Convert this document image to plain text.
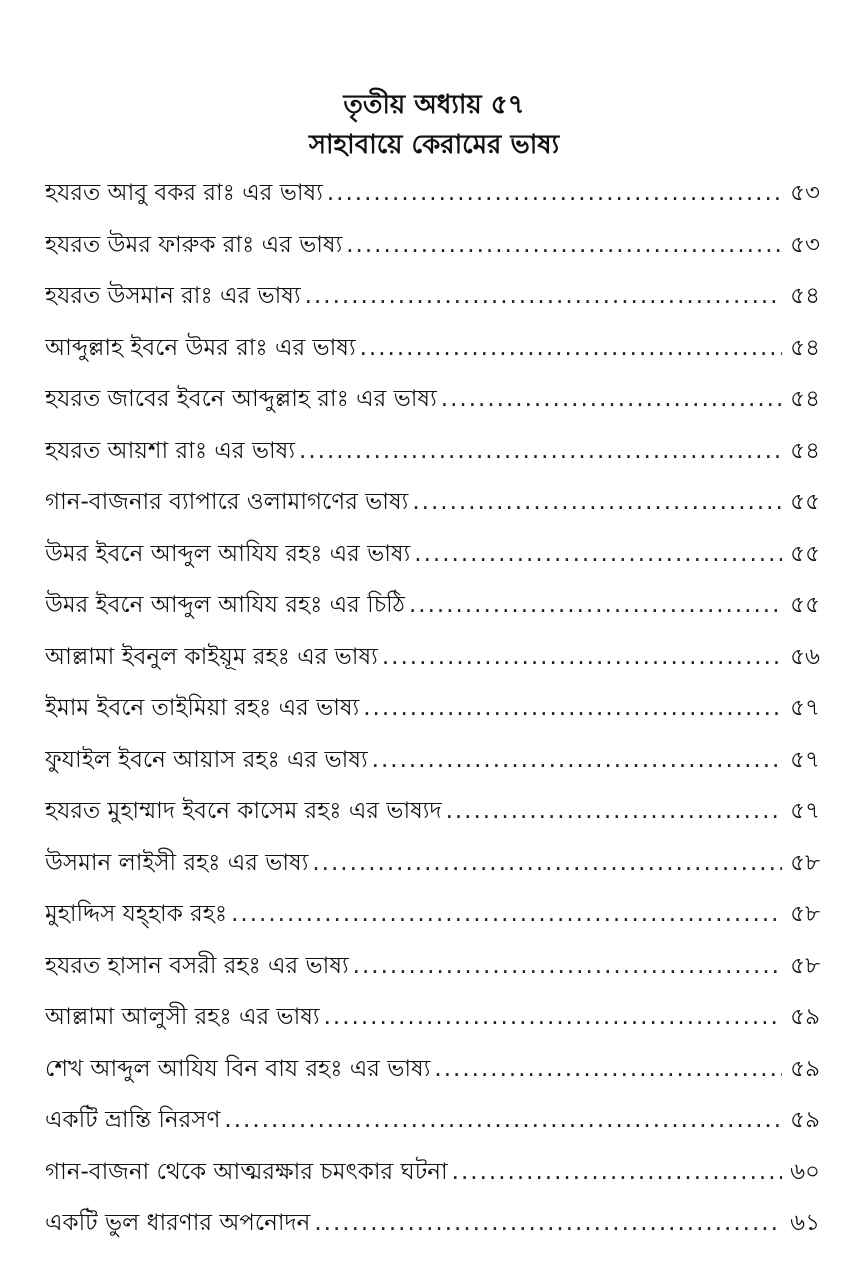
তৃতীয় অধ্যায় ৫৭
সাহাবায়ে কেরামের ভাষ্য
হযরত আবু বকর রাঃ এর ভাষ্য .....	৫৩
হযরত উমর ফারুক রাঃ এর ভাষ্য .....	৫৩
হযরত উসমান রাঃ এর ভাষ্য .....	৫৪
আব্দুল্লাহ ইবনে উমর রাঃ এর ভাষ্য .....	৫৪
হযরত জাবের ইবনে আব্দুল্লাহ রাঃ এর ভাষ্য .....	৫৪
হযরত আয়শা রাঃ এর ভাষ্য .....	৫৪
গান-বাজনার ব্যাপারে ওলামাগণের ভাষ্য .....	৫৫
উমর ইবনে আব্দুল আযিয রহঃ এর ভাষ্য .....	৫৫
উমর ইবনে আব্দুল আযিয রহঃ এর চিঠি .....	৫৫
আল্লামা ইবনুল কাইয়ূম রহঃ এর ভাষ্য .....	৫৬
ইমাম ইবনে তাইমিয়া রহঃ এর ভাষ্য .....	৫৭
ফুযাইল ইবনে আয়াস রহঃ এর ভাষ্য .....	৫৭
হযরত মুহাম্মাদ ইবনে কাসেম রহঃ এর ভাষ্যদ .....	৫৭
উসমান লাইসী রহঃ এর ভাষ্য .....	৫৮
মুহাদ্দিস যহ্হাক রহঃ .....	৫৮
হযরত হাসান বসরী রহঃ এর ভাষ্য .....	৫৮
আল্লামা আলুসী রহঃ এর ভাষ্য .....	৫৯
শেখ আব্দুল আযিয বিন বায রহঃ এর ভাষ্য .....	৫৯
একটি ভ্রান্তি নিরসণ .....	৫৯
গান-বাজনা থেকে আত্মরক্ষার চমৎকার ঘটনা .....	৬০
একটি ভুল ধারণার অপনোদন .....	৬১
